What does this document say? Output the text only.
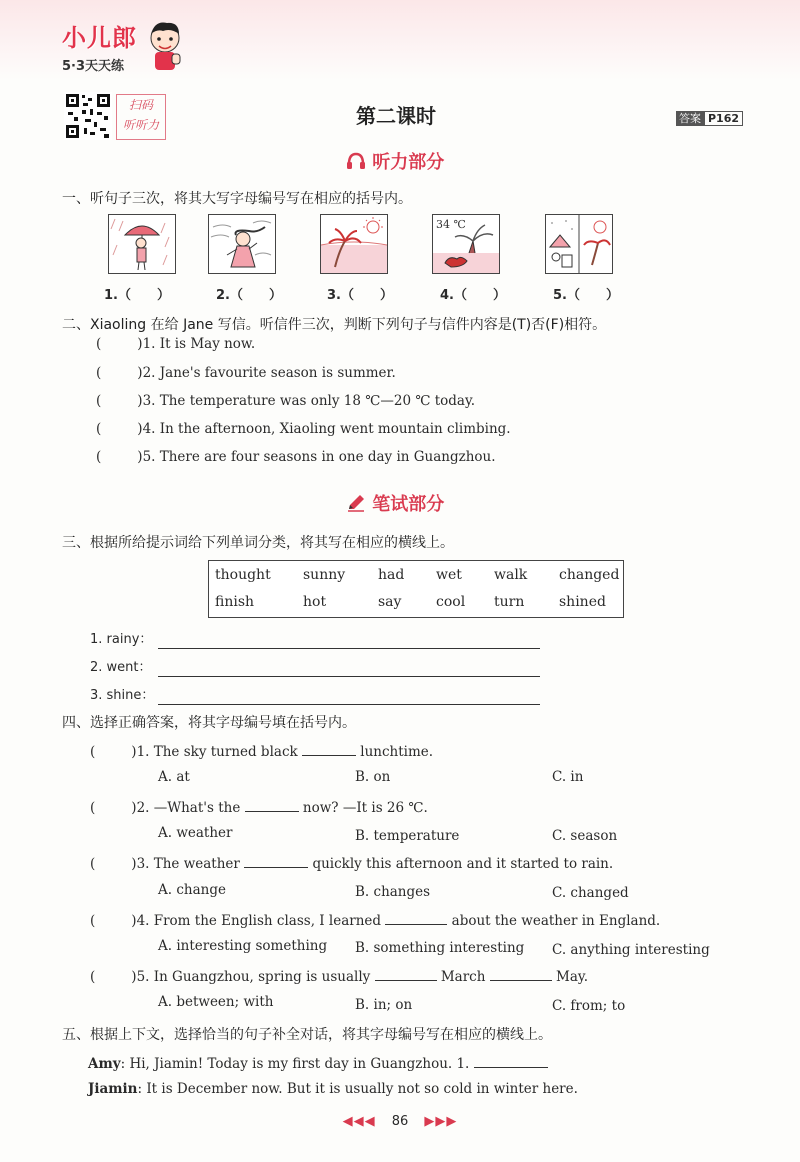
小儿郎
5·3天天练
扫码
听听力	第二课时	答案 P162
听力部分
一、听句子三次，将其大写字母编号写在相应的括号内。
34 ℃
1.（　　）	2.（　　）	3.（　　）	4.（　　）	5.（　　）
二、Xiaoling 在给 Jane 写信。听信件三次，判断下列句子与信件内容是(T)否(F)相符。
(	)1. It is May now.
(	)2. Jane's favourite season is summer.
(	)3. The temperature was only 18 ℃—20 ℃ today.
(	)4. In the afternoon, Xiaoling went mountain climbing.
(	)5. There are four seasons in one day in Guangzhou.
笔试部分
三、根据所给提示词给下列单词分类，将其写在相应的横线上。
thought sunny had wet walk changed
finish	hot	say cool turn shined
1. rainy：
2. went：
3. shine：
四、选择正确答案，将其字母编号填在括号内。
(	)1. The sky turned black	lunchtime.
A. at	B. on	C. in
(	)2. —What's the	now? —It is 26 ℃.
A. weather	B. temperature	C. season
(	)3. The weather	quickly this afternoon and it started to rain.
A. change	B. changes	C. changed
(	)4. From the English class, I learned	about the weather in England.
A. interesting something B. something interesting C. anything interesting
(	)5. In Guangzhou, spring is usually	March	May.
A. between; with	B. in; on	C. from; to
五、根据上下文，选择恰当的句子补全对话，将其字母编号写在相应的横线上。
Amy: Hi, Jiamin! Today is my first day in Guangzhou. 1.
Jiamin: It is December now. But it is usually not so cold in winter here.
◀◀◀ 86 ▶▶▶
